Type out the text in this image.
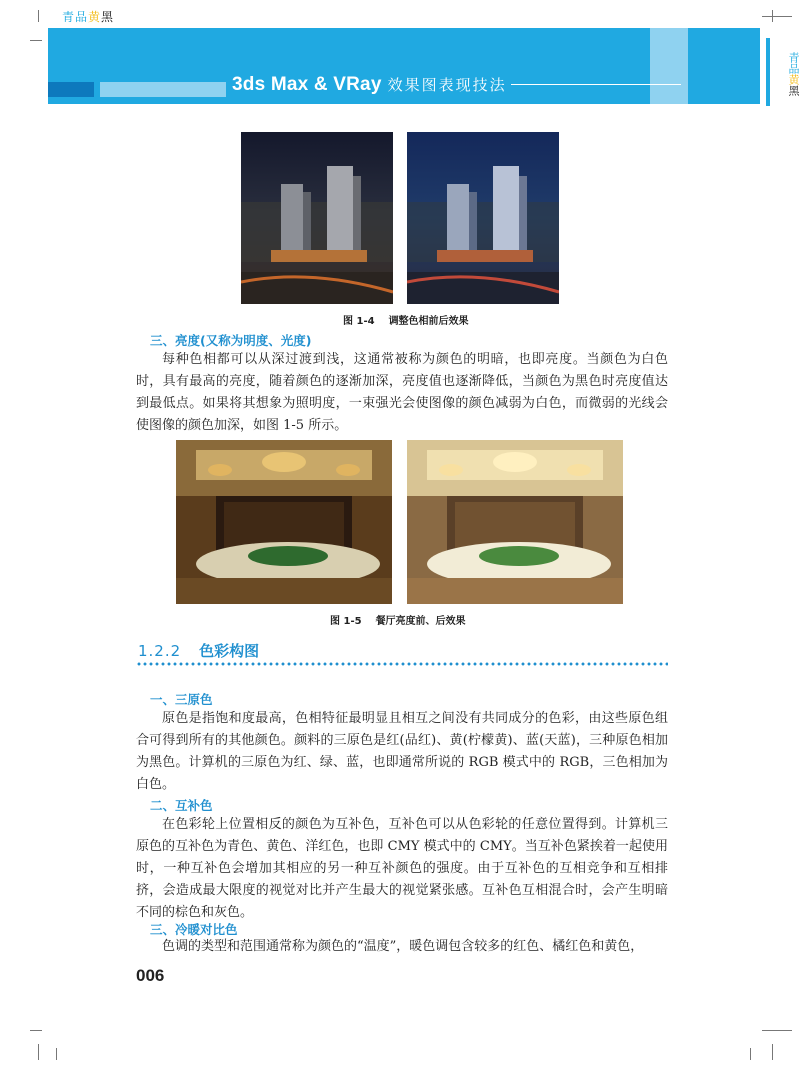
青品黄黑
3ds Max & VRay 效果图表现技法
青品黄黑
图 1-4 调整色相前后效果
三、亮度(又称为明度、光度)
每种色相都可以从深过渡到浅，这通常被称为颜色的明暗，也即亮度。当颜色为白色时，具有最高的亮度，随着颜色的逐渐加深，亮度值也逐渐降低，当颜色为黑色时亮度值达到最低点。如果将其想象为照明度，一束强光会使图像的颜色减弱为白色，而微弱的光线会使图像的颜色加深，如图 1-5 所示。
图 1-5 餐厅亮度前、后效果
1.2.2 色彩构图
一、三原色
原色是指饱和度最高，色相特征最明显且相互之间没有共同成分的色彩，由这些原色组合可得到所有的其他颜色。颜料的三原色是红(品红)、黄(柠檬黄)、蓝(天蓝)，三种原色相加为黑色。计算机的三原色为红、绿、蓝，也即通常所说的 RGB 模式中的 RGB，三色相加为白色。
二、互补色
在色彩轮上位置相反的颜色为互补色，互补色可以从色彩轮的任意位置得到。计算机三原色的互补色为青色、黄色、洋红色，也即 CMY 模式中的 CMY。当互补色紧挨着一起使用时，一种互补色会增加其相应的另一种互补颜色的强度。由于互补色的互相竞争和互相排挤，会造成最大限度的视觉对比并产生最大的视觉紧张感。互补色互相混合时，会产生明暗不同的棕色和灰色。
三、冷暖对比色
色调的类型和范围通常称为颜色的“温度”，暖色调包含较多的红色、橘红色和黄色，
006
